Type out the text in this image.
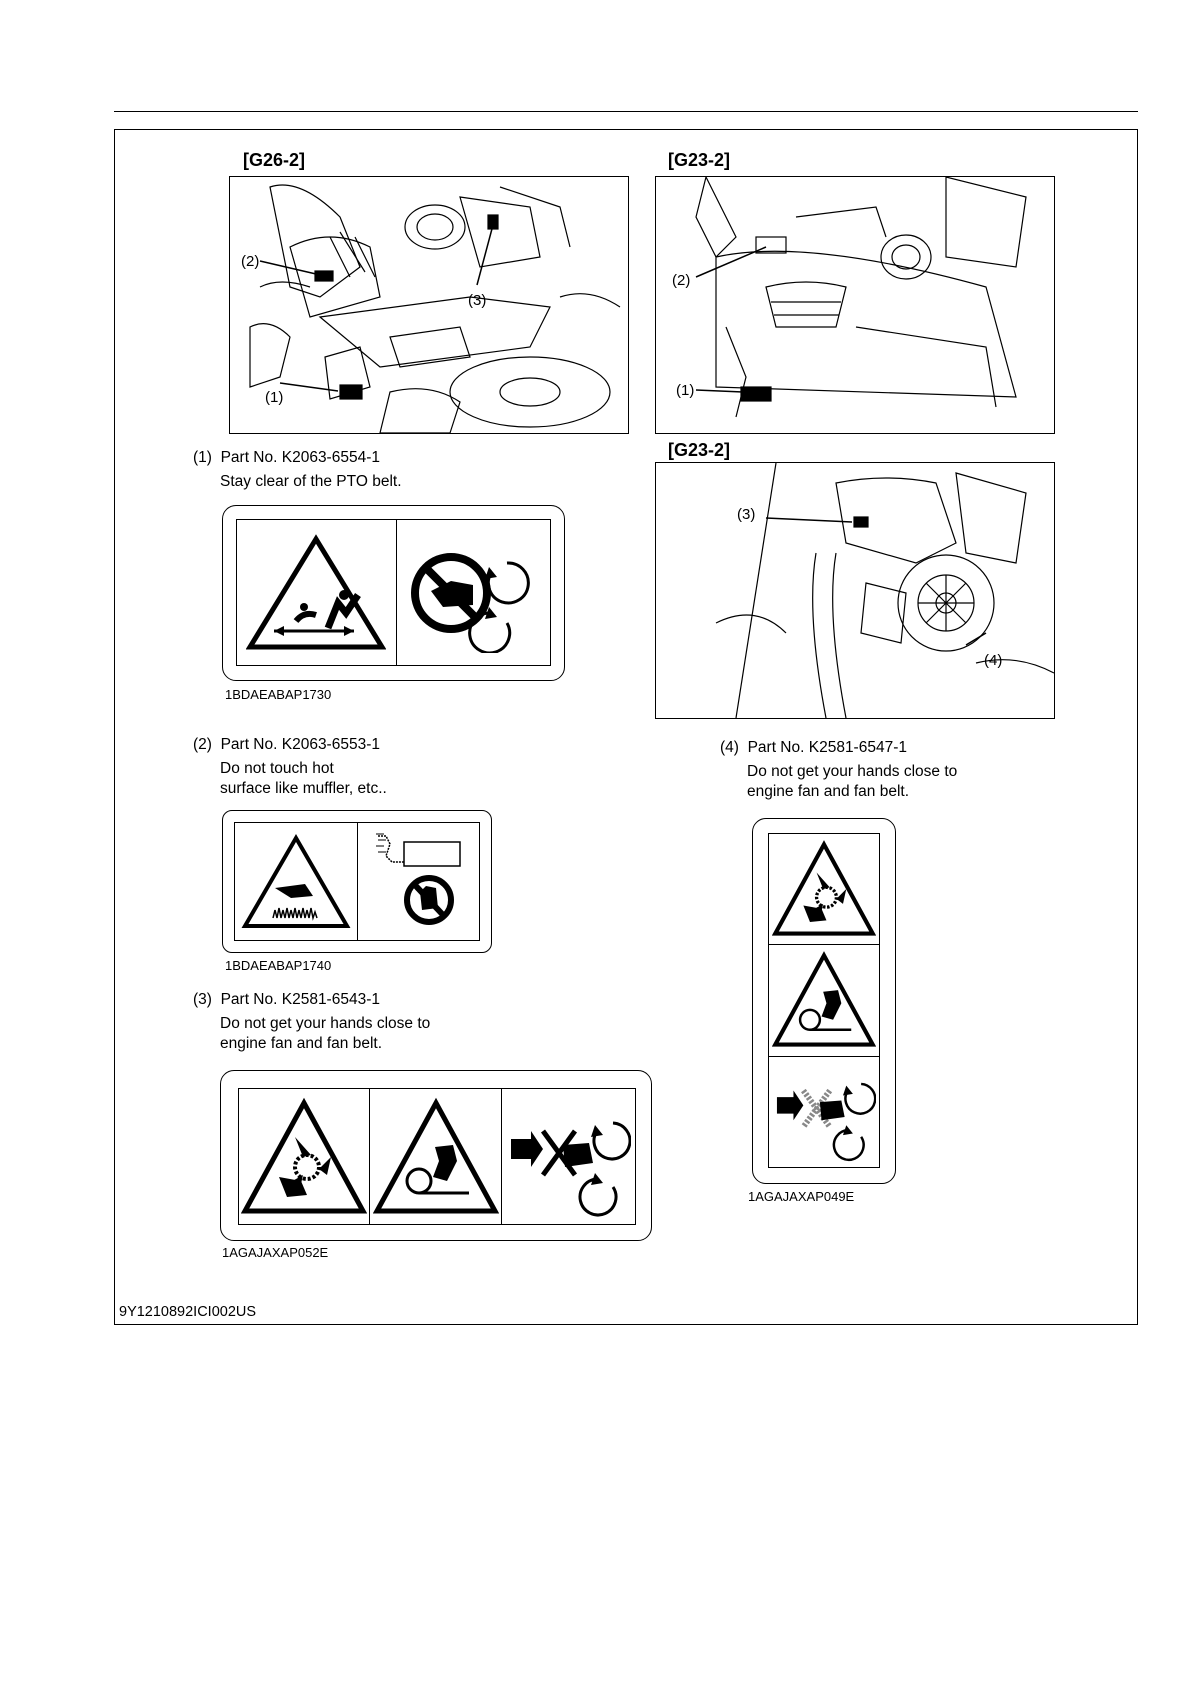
[G26-2]	[G23-2]
[G23-2]
(2)
(3)
(1)
(2)
(1)
(3)
(4)
(1) Part No. K2063-6554-1
Stay clear of the PTO belt.
1BDAEABAP1730
(2) Part No. K2063-6553-1
Do not touch hot
surface like muffler, etc..
1BDAEABAP1740
(3) Part No. K2581-6543-1
Do not get your hands close to
engine fan and fan belt.
1AGAJAXAP052E
(4) Part No. K2581-6547-1
Do not get your hands close to
engine fan and fan belt.
1AGAJAXAP049E
9Y1210892ICI002US
